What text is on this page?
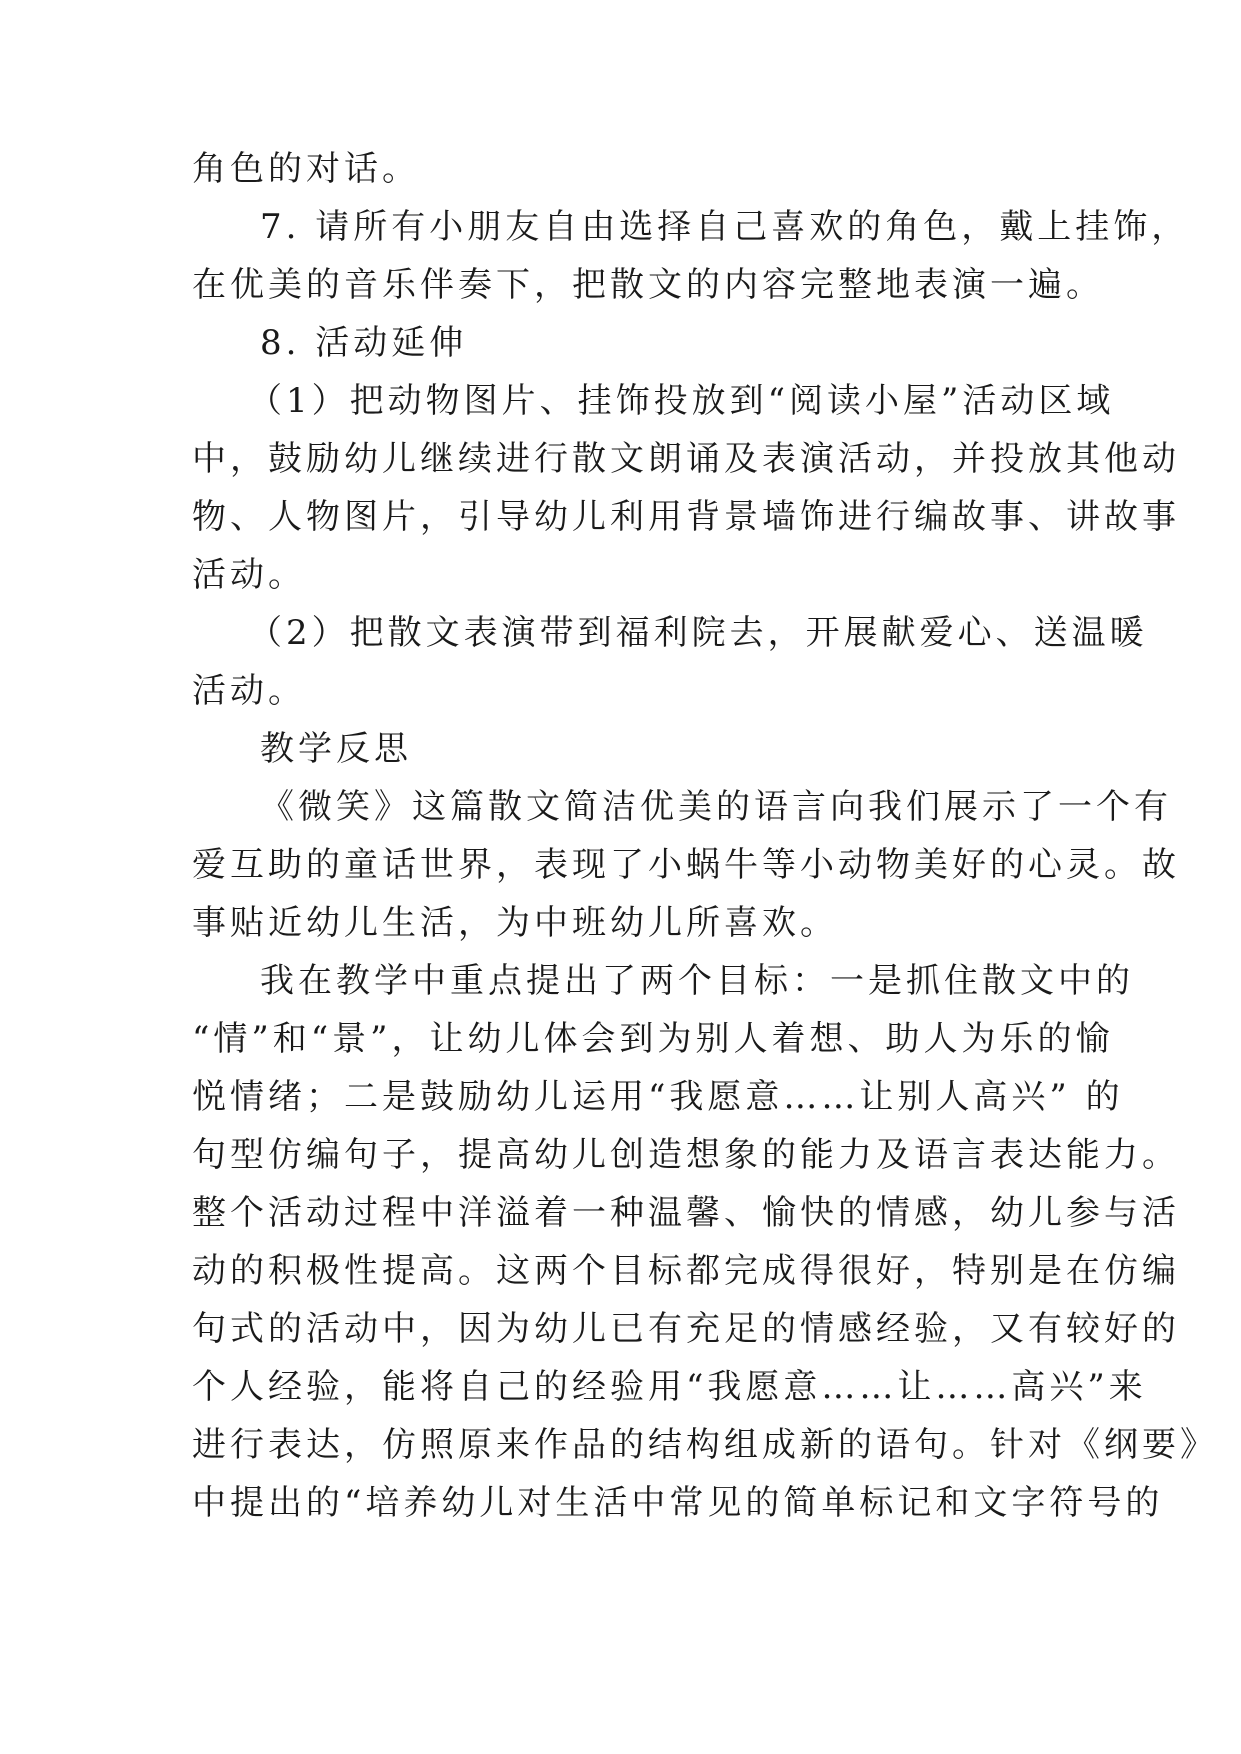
角色的对话。
7. 请所有小朋友自由选择自己喜欢的角色，戴上挂饰，
在优美的音乐伴奏下，把散文的内容完整地表演一遍。
8. 活动延伸
（1）把动物图片、挂饰投放到“阅读小屋”活动区域
中，鼓励幼儿继续进行散文朗诵及表演活动，并投放其他动
物、人物图片，引导幼儿利用背景墙饰进行编故事、讲故事
活动。
（2）把散文表演带到福利院去，开展献爱心、送温暖
活动。
教学反思
《微笑》这篇散文简洁优美的语言向我们展示了一个有
爱互助的童话世界，表现了小蜗牛等小动物美好的心灵。故
事贴近幼儿生活，为中班幼儿所喜欢。
我在教学中重点提出了两个目标：一是抓住散文中的
“情”和“景”，让幼儿体会到为别人着想、助人为乐的愉
悦情绪；二是鼓励幼儿运用“我愿意……让别人高兴” 的
句型仿编句子，提高幼儿创造想象的能力及语言表达能力。
整个活动过程中洋溢着一种温馨、愉快的情感，幼儿参与活
动的积极性提高。这两个目标都完成得很好，特别是在仿编
句式的活动中，因为幼儿已有充足的情感经验，又有较好的
个人经验，能将自己的经验用“我愿意……让……高兴”来
进行表达，仿照原来作品的结构组成新的语句。针对《纲要》
中提出的“培养幼儿对生活中常见的简单标记和文字符号的
